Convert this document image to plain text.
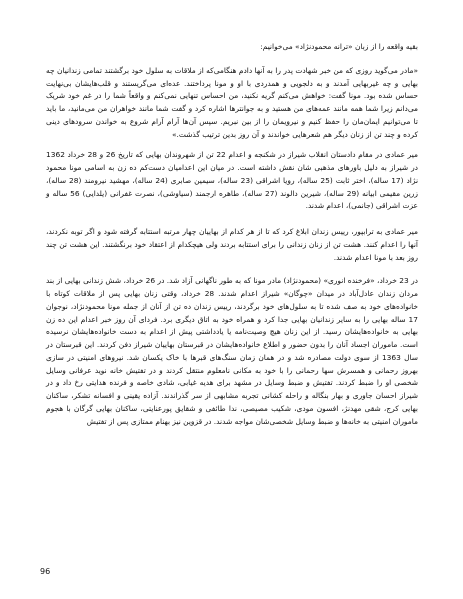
بقیه واقعه را از زبان «ترانه محمودنژاد» می‌خوانیم:

«مادر می‌گوید روزی که من خبر شهادت پدر را به آنها دادم هنگامی‌که از ملاقات به سلول خود برگشتند تمامی زندانیان چه بهایی و چه غیربهایی آمدند و به دلجویی و همدردی با او و مونا پرداختند. عده‌ای می‌گریستند و قلب‌هایشان بی‌نهایت حساس شده بود. مونا گفت: خواهش می‌کنم گریه نکنید، من احساس تنهایی نمی‌کنم و واقعاً شما را در غم خود شریک می‌دانم زیرا شما همه مانند عمه‌های من هستید و به جوانترها اشاره کرد و گفت شما مانند خواهران من می‌مانید، ما باید تا می‌توانیم ایمان‌مان را حفظ کنیم و نیرویمان را از بین نبریم. سپس آن‌ها آرام آرام شروع به خواندن سرودهای دینی کرده و چند تن از زنان دیگر هم شعرهایی خواندند و آن روز بدین ترتیب گذشت.»

میر عمادی در مقام دادستان انقلاب شیراز در شکنجه و اعدام 22 تن از شهروندان بهایی که تاریخ 26 و 28 خرداد 1362 در شیراز به دلیل باورهای مذهبی شان نقش داشته است. در میان این اعدامیان دست‌کم ده زن به اسامی مونا محمود نژاد (17 ساله)، اختر ثابت (25 ساله)، رویا اشراقی (23 ساله)، سیمین صابری (24 ساله)، مهشید نیرومند (28 ساله)، زرین مقیمی ابیانه (29 ساله)، شیرین دالوند (27 ساله)، طاهره ارجمند (سیاوشی)، نصرت غفرانی (یلدایی) 56 ساله و عزت اشراقی (جانمی)، اعدام شدند.

میر عمادی به ترابپور، رییس زندان ابلاغ کرد که تا از هر کدام از بهاییان چهار مرتبه استتابه گرفته شود و اگر توبه نکردند، آنها را اعدام کنند. هشت تن از زنان زندانی را برای استتابه بردند ولی هیچکدام از اعتقاد خود برنگشتند. این هشت تن چند روز بعد با مونا اعدام شدند.

در 23 خرداد، «فرخنده انوری» (محمودنژاد) مادر مونا که به طور ناگهانی آزاد شد. در 26 خرداد، شش زندانی بهایی از بند مردان زندان عادل‌آباد در میدان «چوگان» شیراز اعدام شدند. 28 خرداد، وقتی زنان بهایی پس از ملاقات کوتاه با خانواده‌های خود به صف شده تا به سلول‌های خود برگردند، رییس زندان ده تن از آنان از جمله مونا محمودنژاد، نوجوان 17 ساله بهایی را به سایر زندانیان بهایی جدا کرد و همراه خود به اتاق دیگری برد. فردای آن روز خبر اعدام این ده زن بهایی به خانواده‌هایشان رسید. از این زنان هیچ وصیت‌نامه یا یادداشتی پیش از اعدام به دست خانواده‌هایشان نرسیده است. ماموران اجساد آنان را بدون حضور و اطلاع خانواده‌هایشان در قبرستان بهاییان شیراز دفن کردند. این قبرستان در سال 1363 از سوی دولت مصادره شد و در همان زمان سنگ‌های قبرها با خاک یکسان شد. نیروهای امنیتی در سازی بهروز رحمانی و همسرش سها رحمانی را با خود به مکانی نامعلوم منتقل کردند و در تفتیش خانه نوید عرفانی وسایل شخصی او را ضبط کردند. تفتیش و ضبط وسایل در مشهد برای هدیه غیابی، شادی خاصه و فرنده هدایتی رخ داد و در شیراز احسان جاوری و بهار بنگاله و راحله کشانی تجربه مشابهی از سر گذراندند. آزاده یقینی و افسانه تشکر، ساکنان بهایی کرج، شقی مهدنژ، افسون مودی، شکیب مصیصی، ندا طائفی و شقایق پورعنایتی، ساکنان بهایی گرگان با هجوم ماموران امنیتی به خانه‌ها و ضبط وسایل شخصی‌شان مواجه شدند. در قزوین نیز بهنام ممتازی پس از تفتیش

96
